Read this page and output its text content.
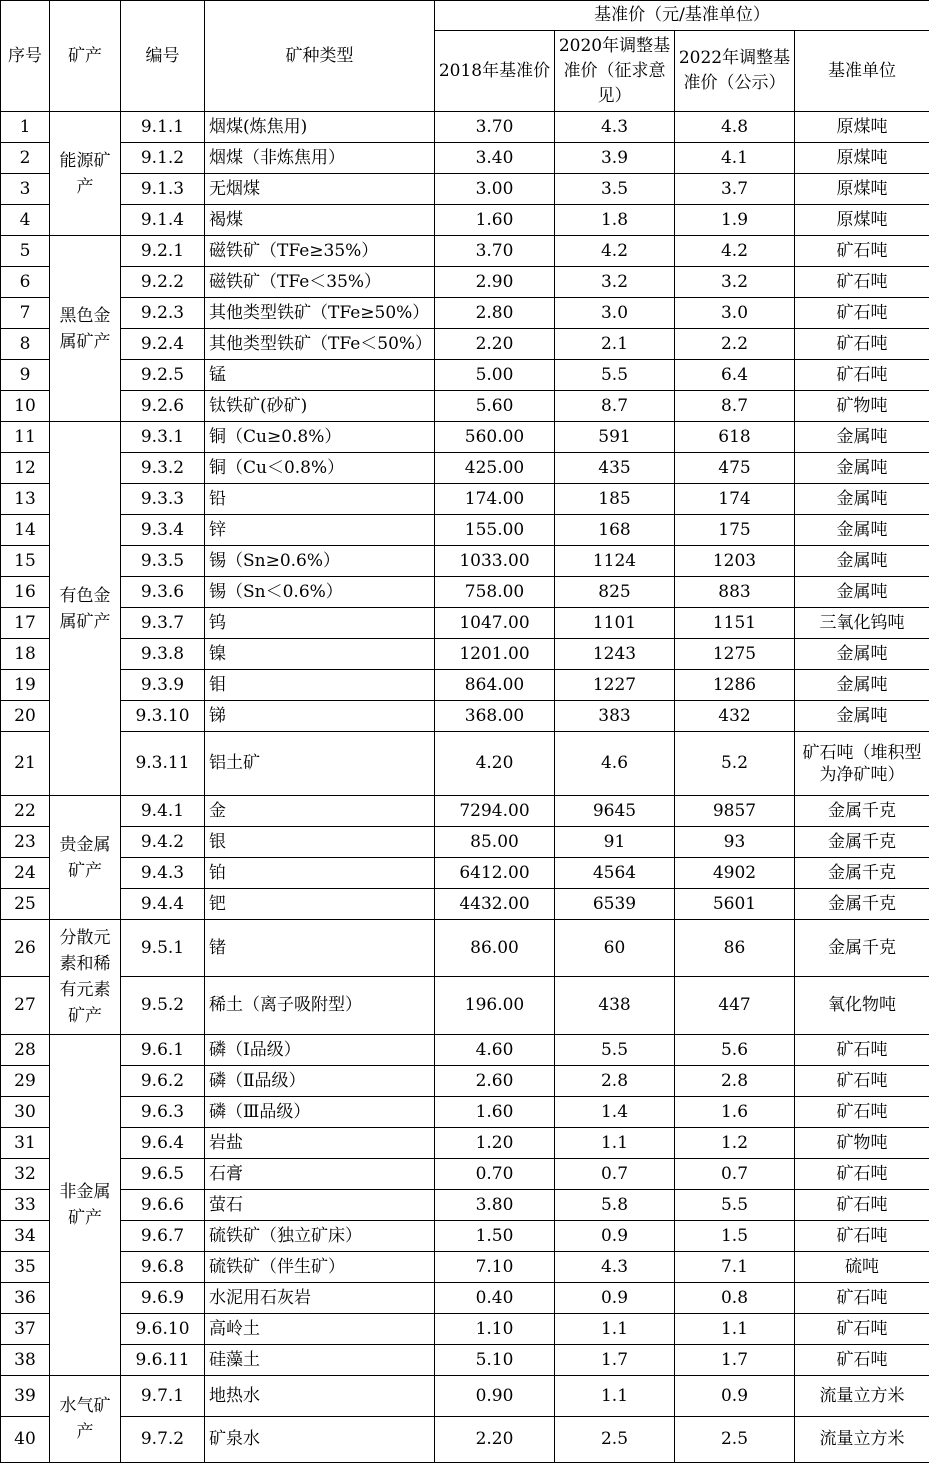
序号	矿产	编号	矿种类型	基准价（元/基准单位）			
				2018年基准价	2020年调整基准价（征求意见）	2022年调整基准价（公示）	基准单位
1	能源矿产	9.1.1	烟煤(炼焦用)	3.70	4.3	4.8	原煤吨
2		9.1.2	烟煤（非炼焦用）	3.40	3.9	4.1	原煤吨
3		9.1.3	无烟煤	3.00	3.5	3.7	原煤吨
4		9.1.4	褐煤	1.60	1.8	1.9	原煤吨
5	黑色金属矿产	9.2.1	磁铁矿（TFe≥35%）	3.70	4.2	4.2	矿石吨
6		9.2.2	磁铁矿（TFe＜35%）	2.90	3.2	3.2	矿石吨
7		9.2.3	其他类型铁矿（TFe≥50%）	2.80	3.0	3.0	矿石吨
8		9.2.4	其他类型铁矿（TFe＜50%）	2.20	2.1	2.2	矿石吨
9		9.2.5	锰	5.00	5.5	6.4	矿石吨
10		9.2.6	钛铁矿(砂矿)	5.60	8.7	8.7	矿物吨
11	有色金属矿产	9.3.1	铜（Cu≥0.8%）	560.00	591	618	金属吨
12		9.3.2	铜（Cu＜0.8%）	425.00	435	475	金属吨
13		9.3.3	铅	174.00	185	174	金属吨
14		9.3.4	锌	155.00	168	175	金属吨
15		9.3.5	锡（Sn≥0.6%）	1033.00	1124	1203	金属吨
16		9.3.6	锡（Sn＜0.6%）	758.00	825	883	金属吨
17		9.3.7	钨	1047.00	1101	1151	三氧化钨吨
18		9.3.8	镍	1201.00	1243	1275	金属吨
19		9.3.9	钼	864.00	1227	1286	金属吨
20		9.3.10	锑	368.00	383	432	金属吨
21		9.3.11	铝土矿	4.20	4.6	5.2	矿石吨（堆积型为净矿吨）
22	贵金属矿产	9.4.1	金	7294.00	9645	9857	金属千克
23		9.4.2	银	85.00	91	93	金属千克
24		9.4.3	铂	6412.00	4564	4902	金属千克
25		9.4.4	钯	4432.00	6539	5601	金属千克
26	分散元素和稀有元素矿产	9.5.1	锗	86.00	60	86	金属千克
27		9.5.2	稀土（离子吸附型）	196.00	438	447	氧化物吨
28	非金属矿产	9.6.1	磷（Ⅰ品级）	4.60	5.5	5.6	矿石吨
29		9.6.2	磷（Ⅱ品级）	2.60	2.8	2.8	矿石吨
30		9.6.3	磷（Ⅲ品级）	1.60	1.4	1.6	矿石吨
31		9.6.4	岩盐	1.20	1.1	1.2	矿物吨
32		9.6.5	石膏	0.70	0.7	0.7	矿石吨
33		9.6.6	萤石	3.80	5.8	5.5	矿石吨
34		9.6.7	硫铁矿（独立矿床）	1.50	0.9	1.5	矿石吨
35		9.6.8	硫铁矿（伴生矿）	7.10	4.3	7.1	硫吨
36		9.6.9	水泥用石灰岩	0.40	0.9	0.8	矿石吨
37		9.6.10	高岭土	1.10	1.1	1.1	矿石吨
38		9.6.11	硅藻土	5.10	1.7	1.7	矿石吨
39	水气矿产	9.7.1	地热水	0.90	1.1	0.9	流量立方米
40		9.7.2	矿泉水	2.20	2.5	2.5	流量立方米
